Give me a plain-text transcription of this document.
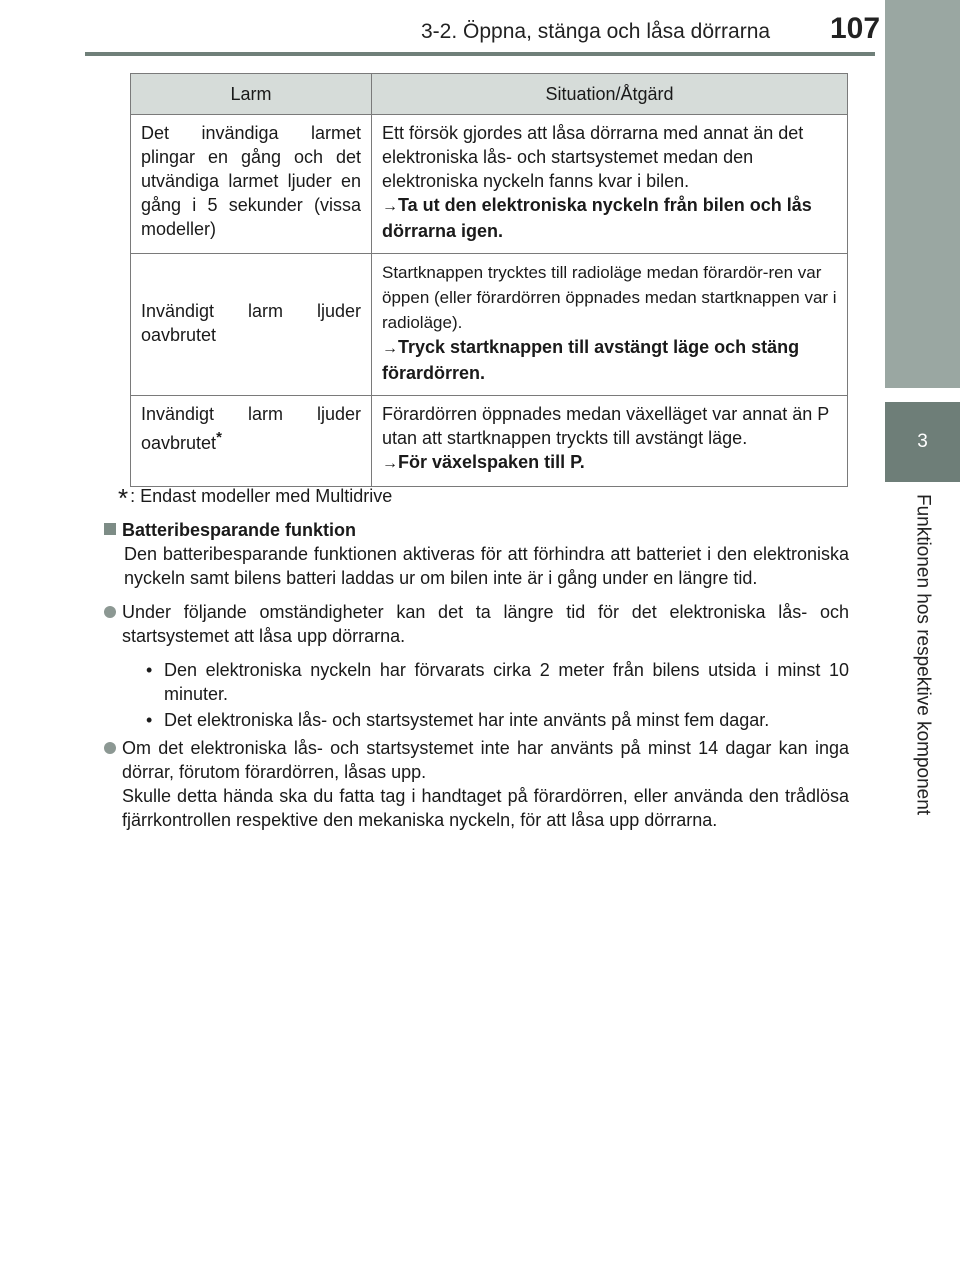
3-2. Öppna, stänga och låsa dörrarna 107
3
Funktionen hos respektive komponent
Larm	Situation/Åtgärd
Det invändiga larmet plingar en gång och det utvändiga larmet ljuder en gång i 5 sekunder (vissa modeller)	Ett försök gjordes att låsa dörrarna med annat än det elektroniska lås- och startsystemet medan den elektroniska nyckeln fanns kvar i bilen.
→Ta ut den elektroniska nyckeln från bilen och lås dörrarna igen.
Invändigt larm ljuder oavbrutet	Startknappen trycktes till radioläge medan förardör-ren var öppen (eller förardörren öppnades medan startknappen var i radioläge).
→Tryck startknappen till avstängt läge och stäng förardörren.
Invändigt larm ljuder oavbrutet*	Förardörren öppnades medan växelläget var annat än P utan att startknappen tryckts till avstängt läge.
→För växelspaken till P.
* : Endast modeller med Multidrive
Batteribesparande funktion
Den batteribesparande funktionen aktiveras för att förhindra att batteriet i den elektroniska nyckeln samt bilens batteri laddas ur om bilen inte är i gång under en längre tid.
Under följande omständigheter kan det ta längre tid för det elektroniska lås- och startsystemet att låsa upp dörrarna.
• Den elektroniska nyckeln har förvarats cirka 2 meter från bilens utsida i minst 10 minuter.
• Det elektroniska lås- och startsystemet har inte använts på minst fem dagar.
Om det elektroniska lås- och startsystemet inte har använts på minst 14 dagar kan inga dörrar, förutom förardörren, låsas upp.
Skulle detta hända ska du fatta tag i handtaget på förardörren, eller använda den trådlösa fjärrkontrollen respektive den mekaniska nyckeln, för att låsa upp dörrarna.
